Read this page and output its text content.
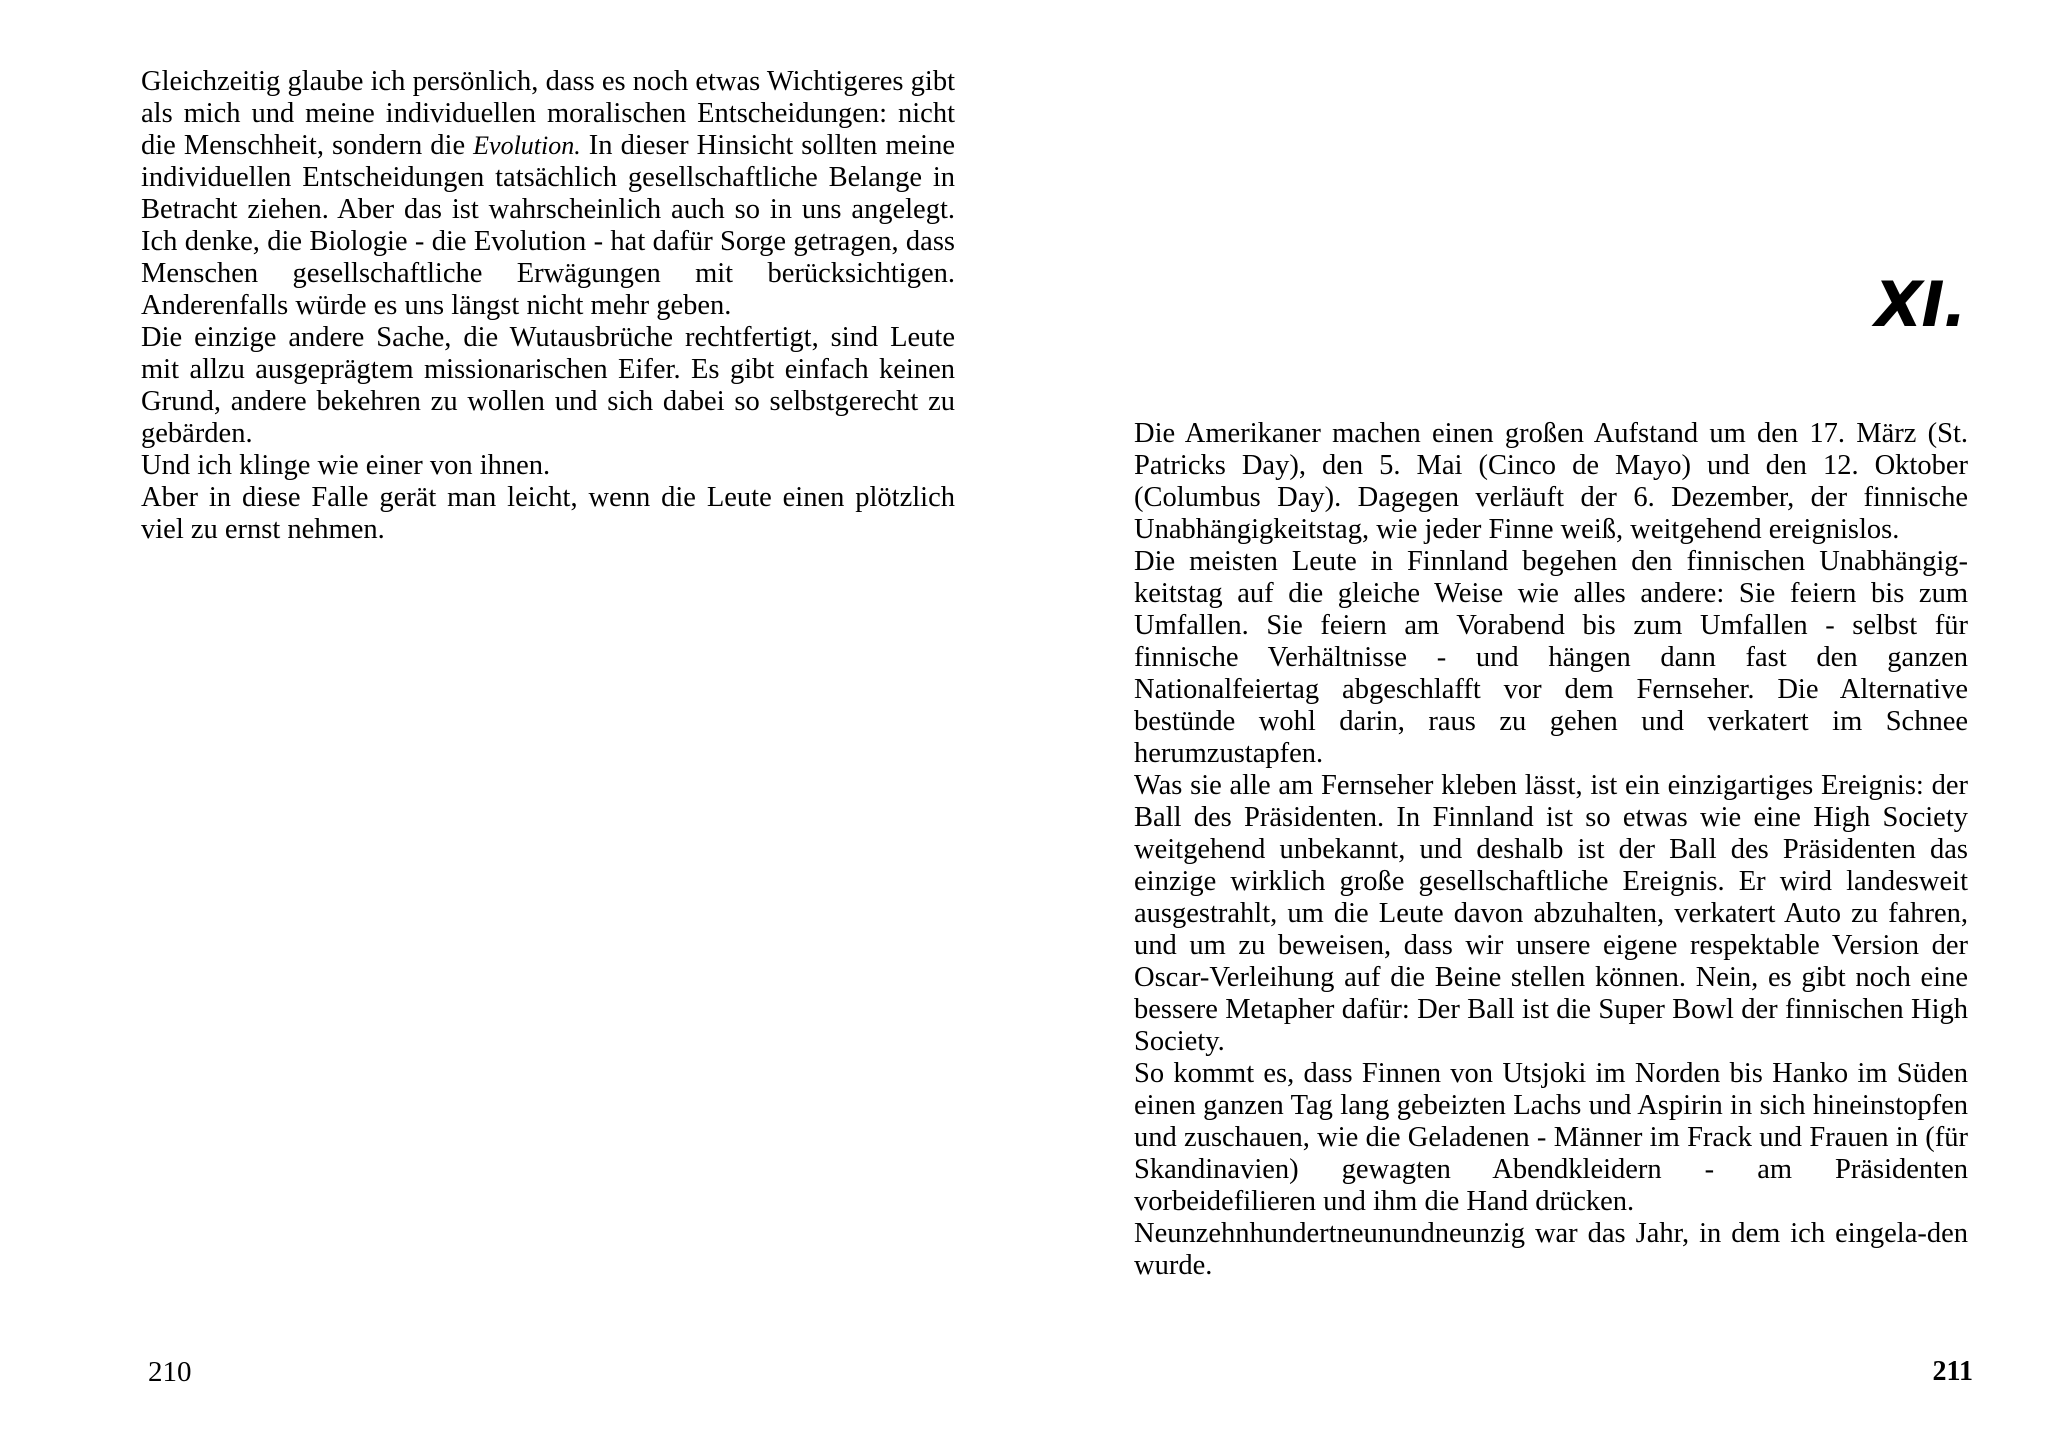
Gleichzeitig glaube ich persönlich, dass es noch etwas Wichtigeres gibt als mich und meine individuellen moralischen Entscheidungen: nicht die Menschheit, sondern die Evolution. In dieser Hinsicht sollten meine individuellen Entscheidungen tatsächlich gesellschaftliche Belange in Betracht ziehen. Aber das ist wahrscheinlich auch so in uns angelegt. Ich denke, die Biologie - die Evolution - hat dafür Sorge getragen, dass Menschen gesellschaftliche Erwägungen mit berücksichtigen. Anderenfalls würde es uns längst nicht mehr geben.

Die einzige andere Sache, die Wutausbrüche rechtfertigt, sind Leute mit allzu ausgeprägtem missionarischen Eifer. Es gibt einfach keinen Grund, andere bekehren zu wollen und sich dabei so selbstgerecht zu gebärden.

Und ich klinge wie einer von ihnen.

Aber in diese Falle gerät man leicht, wenn die Leute einen plötzlich viel zu ernst nehmen.

210
XI.

Die Amerikaner machen einen großen Aufstand um den 17. März (St. Patricks Day), den 5. Mai (Cinco de Mayo) und den 12. Oktober (Columbus Day). Dagegen verläuft der 6. Dezember, der finnische Unabhängigkeitstag, wie jeder Finne weiß, weitgehend ereignislos.

Die meisten Leute in Finnland begehen den finnischen Unabhängig-keitstag auf die gleiche Weise wie alles andere: Sie feiern bis zum Umfallen. Sie feiern am Vorabend bis zum Umfallen - selbst für finnische Verhältnisse - und hängen dann fast den ganzen Nationalfeiertag abgeschlafft vor dem Fernseher. Die Alternative bestünde wohl darin, raus zu gehen und verkatert im Schnee herumzustapfen.

Was sie alle am Fernseher kleben lässt, ist ein einzigartiges Ereignis: der Ball des Präsidenten. In Finnland ist so etwas wie eine High Society weitgehend unbekannt, und deshalb ist der Ball des Präsidenten das einzige wirklich große gesellschaftliche Ereignis. Er wird landesweit ausgestrahlt, um die Leute davon abzuhalten, verkatert Auto zu fahren, und um zu beweisen, dass wir unsere eigene respektable Version der Oscar-Verleihung auf die Beine stellen können. Nein, es gibt noch eine bessere Metapher dafür: Der Ball ist die Super Bowl der finnischen High Society.

So kommt es, dass Finnen von Utsjoki im Norden bis Hanko im Süden einen ganzen Tag lang gebeizten Lachs und Aspirin in sich hineinstopfen und zuschauen, wie die Geladenen - Männer im Frack und Frauen in (für Skandinavien) gewagten Abendkleidern - am Präsidenten vorbeidefilieren und ihm die Hand drücken.

Neunzehnhundertneunundneunzig war das Jahr, in dem ich eingela-den wurde.

211
